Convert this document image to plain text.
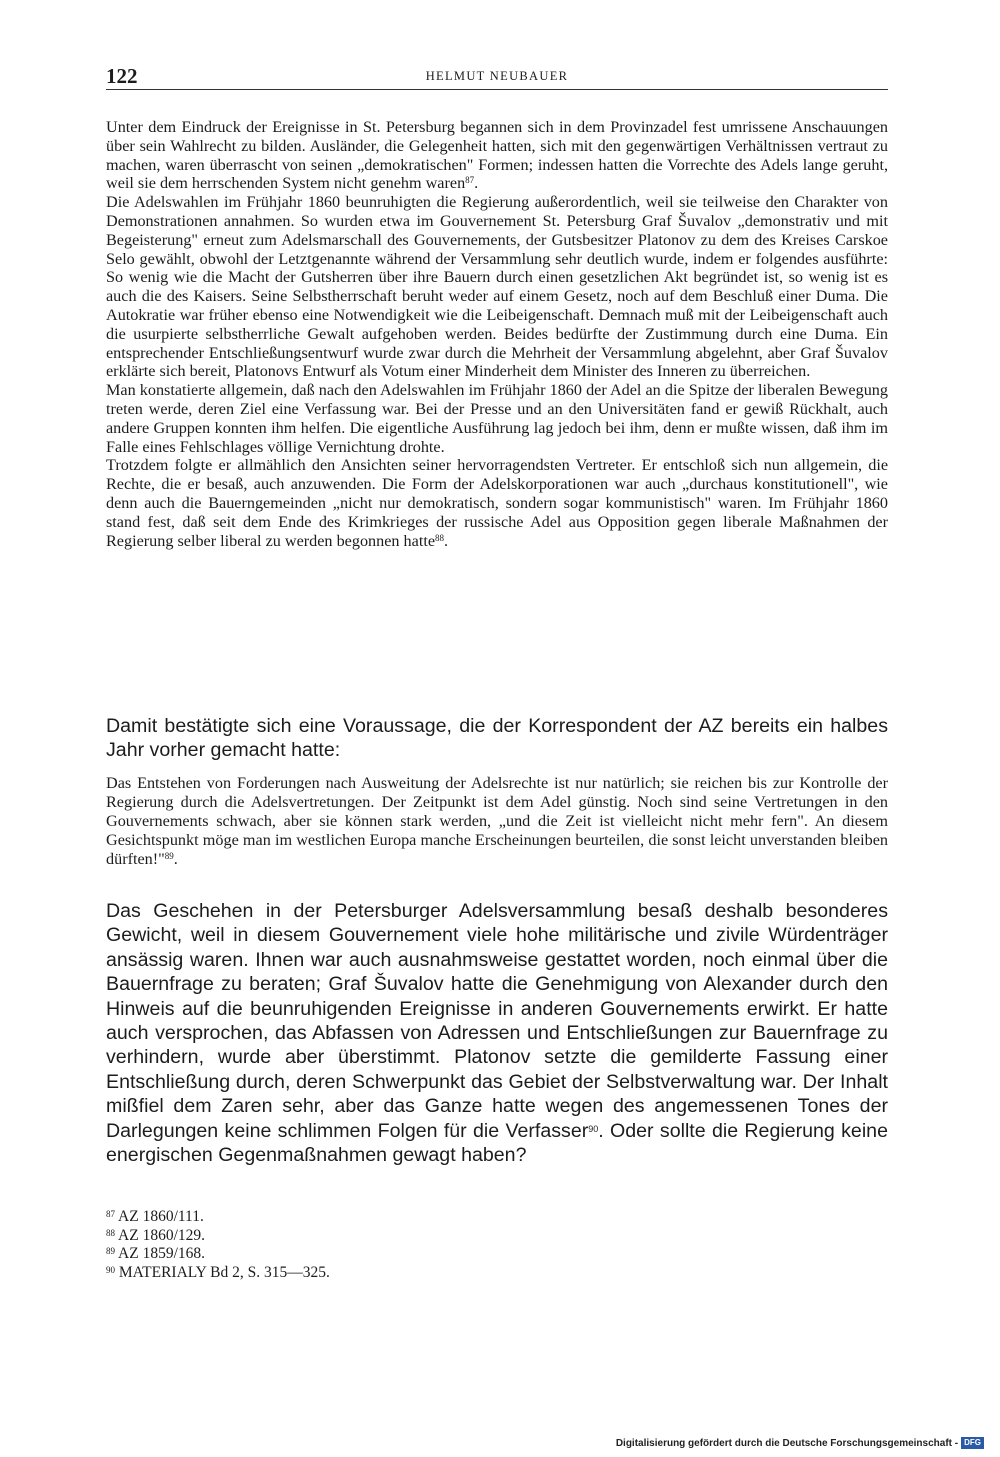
122	HELMUT NEUBAUER

Unter dem Eindruck der Ereignisse in St. Petersburg begannen sich in dem Provinzadel fest umrissene Anschauungen über sein Wahlrecht zu bilden. Ausländer, die Gelegenheit hatten, sich mit den gegenwärtigen Verhältnissen vertraut zu machen, waren überrascht von seinen „demokratischen" Formen; indessen hatten die Vorrechte des Adels lange geruht, weil sie dem herrschenden System nicht genehm waren$^{87}$.

Die Adelswahlen im Frühjahr 1860 beunruhigten die Regierung außerordentlich, weil sie teilweise den Charakter von Demonstrationen annahmen. So wurden etwa im Gouvernement St. Petersburg Graf Šuvalov „demonstrativ und mit Begeisterung" erneut zum Adelsmarschall des Gouvernements, der Gutsbesitzer Platonov zu dem des Kreises Carskoe Selo gewählt, obwohl der Letztgenannte während der Versammlung sehr deutlich wurde, indem er folgendes ausführte: So wenig wie die Macht der Gutsherren über ihre Bauern durch einen gesetzlichen Akt begründet ist, so wenig ist es auch die des Kaisers. Seine Selbstherrschaft beruht weder auf einem Gesetz, noch auf dem Beschluß einer Duma. Die Autokratie war früher ebenso eine Notwendigkeit wie die Leibeigenschaft. Demnach muß mit der Leibeigenschaft auch die usurpierte selbstherrliche Gewalt aufgehoben werden. Beides bedürfte der Zustimmung durch eine Duma. Ein entsprechender Entschließungsentwurf wurde zwar durch die Mehrheit der Versammlung abgelehnt, aber Graf Šuvalov erklärte sich bereit, Platonovs Entwurf als Votum einer Minderheit dem Minister des Inneren zu überreichen.

Man konstatierte allgemein, daß nach den Adelswahlen im Frühjahr 1860 der Adel an die Spitze der liberalen Bewegung treten werde, deren Ziel eine Verfassung war. Bei der Presse und an den Universitäten fand er gewiß Rückhalt, auch andere Gruppen konnten ihm helfen. Die eigentliche Ausführung lag jedoch bei ihm, denn er mußte wissen, daß ihm im Falle eines Fehlschlages völlige Vernichtung drohte.

Trotzdem folgte er allmählich den Ansichten seiner hervorragendsten Vertreter. Er entschloß sich nun allgemein, die Rechte, die er besaß, auch anzuwenden. Die Form der Adelskorporationen war auch „durchaus konstitutionell", wie denn auch die Bauerngemeinden „nicht nur demokratisch, sondern sogar kommunistisch" waren. Im Frühjahr 1860 stand fest, daß seit dem Ende des Krimkrieges der russische Adel aus Opposition gegen liberale Maßnahmen der Regierung selber liberal zu werden begonnen hatte$^{88}$.

Damit bestätigte sich eine Voraussage, die der Korrespondent der AZ bereits ein halbes Jahr vorher gemacht hatte:

Das Entstehen von Forderungen nach Ausweitung der Adelsrechte ist nur natürlich; sie reichen bis zur Kontrolle der Regierung durch die Adelsvertretungen. Der Zeitpunkt ist dem Adel günstig. Noch sind seine Vertretungen in den Gouvernements schwach, aber sie können stark werden, „und die Zeit ist vielleicht nicht mehr fern". An diesem Gesichtspunkt möge man im westlichen Europa manche Erscheinungen beurteilen, die sonst leicht unverstanden bleiben dürften!"$^{89}$.

Das Geschehen in der Petersburger Adelsversammlung besaß deshalb besonderes Gewicht, weil in diesem Gouvernement viele hohe militärische und zivile Würdenträger ansässig waren. Ihnen war auch ausnahmsweise gestattet worden, noch einmal über die Bauernfrage zu beraten; Graf Šuvalov hatte die Genehmigung von Alexander durch den Hinweis auf die beunruhigenden Ereignisse in anderen Gouvernements erwirkt. Er hatte auch versprochen, das Abfassen von Adressen und Entschließungen zur Bauernfrage zu verhindern, wurde aber überstimmt. Platonov setzte die gemilderte Fassung einer Entschließung durch, deren Schwerpunkt das Gebiet der Selbstverwaltung war. Der Inhalt mißfiel dem Zaren sehr, aber das Ganze hatte wegen des angemessenen Tones der Darlegungen keine schlimmen Folgen für die Verfasser$^{90}$. Oder sollte die Regierung keine energischen Gegenmaßnahmen gewagt haben?

$^{87}$ AZ 1860/111.
$^{88}$ AZ 1860/129.
$^{89}$ AZ 1859/168.
$^{90}$ MATERIALY Bd 2, S. 315—325.
Digitalisierung gefördert durch die Deutsche Forschungsgemeinschaft - DFG
